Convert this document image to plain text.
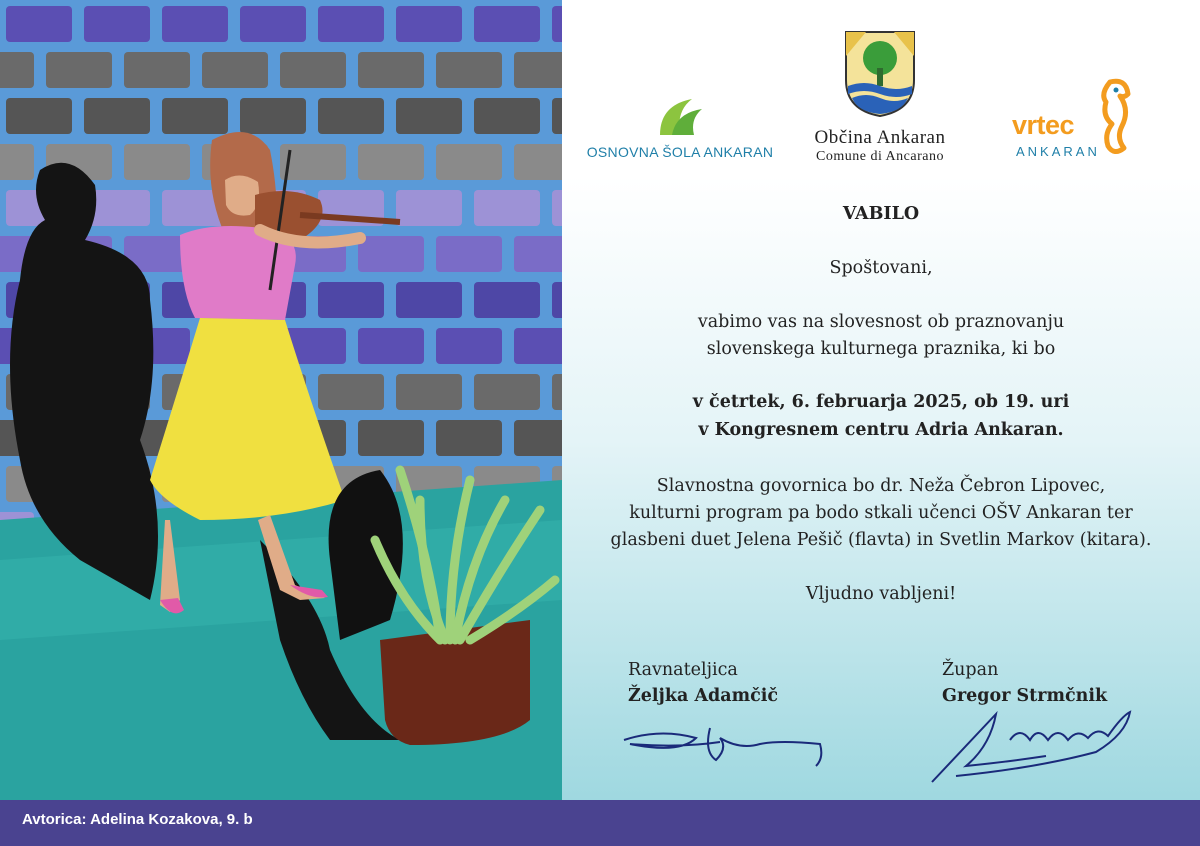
OSNOVNA ŠOLA ANKARAN
Občina Ankaran
Comune di Ancarano
vrtec
ANKARAN
VABILO
Spoštovani,
vabimo vas na slovesnost ob praznovanju
slovenskega kulturnega praznika, ki bo
v četrtek, 6. februarja 2025, ob 19. uri
v Kongresnem centru Adria Ankaran.
Slavnostna govornica bo dr. Neža Čebron Lipovec,
kulturni program pa bodo stkali učenci OŠV Ankaran ter
glasbeni duet Jelena Pešič (flavta) in Svetlin Markov (kitara).
Vljudno vabljeni!
Ravnateljica
Željka Adamčič
Župan
Gregor Strmčnik
Avtorica: Adelina Kozakova, 9. b
